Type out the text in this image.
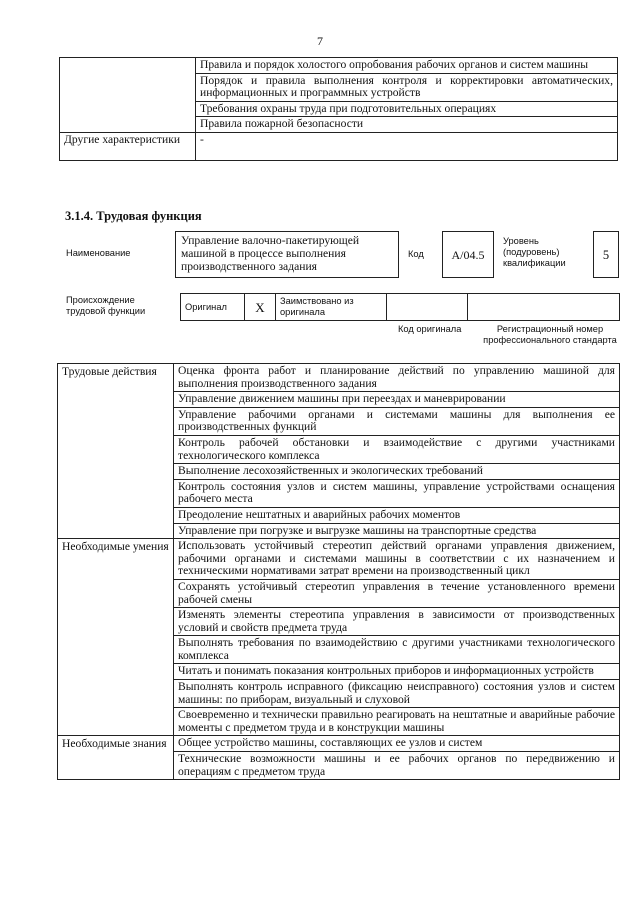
7
	Правила и порядок холостого опробования рабочих органов и систем машины
	Порядок и правила выполнения контроля и корректировки автоматических, информационных и программных устройств
	Требования охраны труда при подготовительных операциях
	Правила пожарной безопасности
Другие характеристики	-
3.1.4. Трудовая функция
Наименование
Управление валочно-пакетирующей машиной в процессе выполнения производственного задания
Код	А/04.5
Уровень (подуровень) квалификации
5
Происхождение трудовой функции	Оригинал	X	Заимствовано из оригинала		
Код оригинала	Регистрационный номер профессионального стандарта
Трудовые действия	Оценка фронта работ и планирование действий по управлению машиной для выполнения производственного задания
	Управление движением машины при переездах и маневрировании
	Управление рабочими органами и системами машины для выполнения ее производственных функций
	Контроль рабочей обстановки и взаимодействие с другими участниками технологического комплекса
	Выполнение лесохозяйственных и экологических требований
	Контроль состояния узлов и систем машины, управление устройствами оснащения рабочего места
	Преодоление нештатных и аварийных рабочих моментов
	Управление при погрузке и выгрузке машины на транспортные средства
Необходимые умения	Использовать устойчивый стереотип действий органами управления движением, рабочими органами и системами машины в соответствии с их назначением и техническими нормативами затрат времени на производственный цикл
	Сохранять устойчивый стереотип управления в течение установленного времени рабочей смены
	Изменять элементы стереотипа управления в зависимости от производственных условий и свойств предмета труда
	Выполнять требования по взаимодействию с другими участниками технологического комплекса
	Читать и понимать показания контрольных приборов и информационных устройств
	Выполнять контроль исправного (фиксацию неисправного) состояния узлов и систем машины: по приборам, визуальный и слуховой
	Своевременно и технически правильно реагировать на нештатные и аварийные рабочие моменты с предметом труда и в конструкции машины
Необходимые знания	Общее устройство машины, составляющих ее узлов и систем
	Технические возможности машины и ее рабочих органов по передвижению и операциям с предметом труда
